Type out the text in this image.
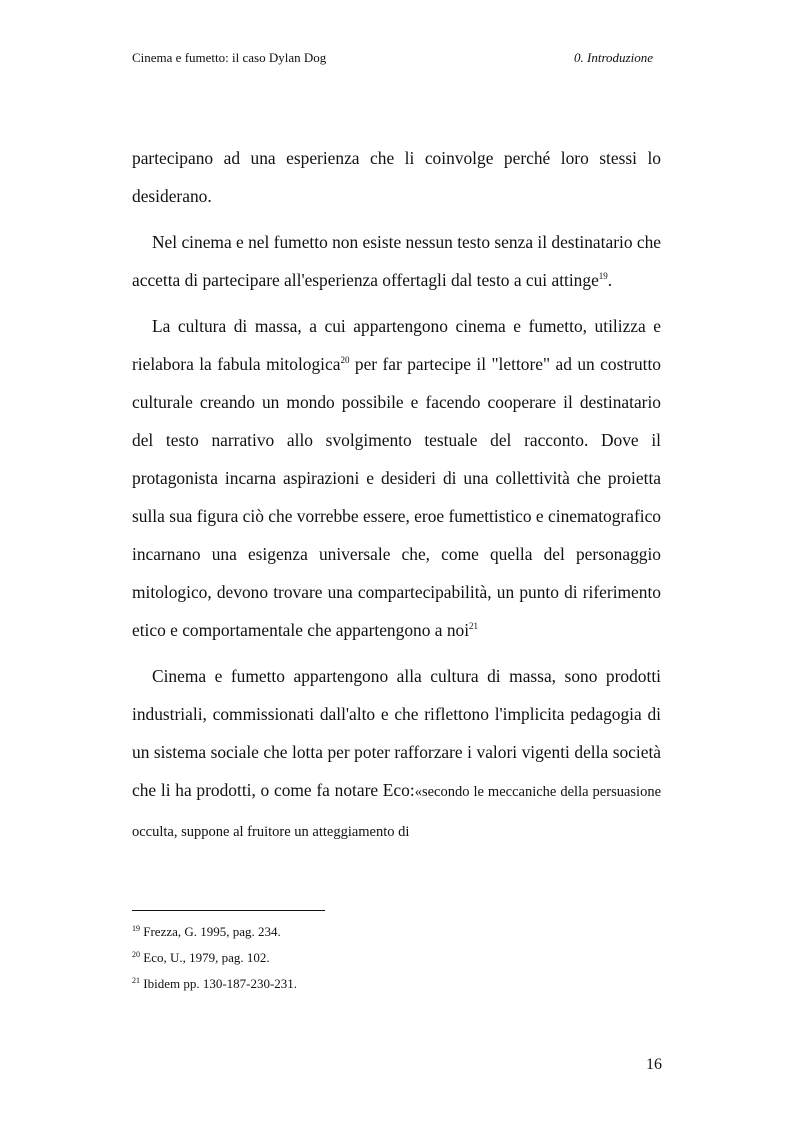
Cinema e fumetto: il caso Dylan Dog	0. Introduzione

partecipano ad una esperienza che li coinvolge perché loro stessi lo desiderano.

Nel cinema e nel fumetto non esiste nessun testo senza il destinatario che accetta di partecipare all'esperienza offertagli dal testo a cui attinge$^{19}$.

La cultura di massa, a cui appartengono cinema e fumetto, utilizza e rielabora la fabula mitologica$^{20}$ per far partecipe il "lettore" ad un costrutto culturale creando un mondo possibile e facendo cooperare il destinatario del testo narrativo allo svolgimento testuale del racconto. Dove il protagonista incarna aspirazioni e desideri di una collettività che proietta sulla sua figura ciò che vorrebbe essere, eroe fumettistico e cinematografico incarnano una esigenza universale che, come quella del personaggio mitologico, devono trovare una compartecipabilità, un punto di riferimento etico e comportamentale che appartengono a noi$^{21}$

Cinema e fumetto appartengono alla cultura di massa, sono prodotti industriali, commissionati dall'alto e che riflettono l'implicita pedagogia di un sistema sociale che lotta per poter rafforzare i valori vigenti della società che li ha prodotti, o come fa notare Eco:«secondo le meccaniche della persuasione occulta, suppone al fruitore un atteggiamento di

$^{19}$ Frezza, G. 1995, pag. 234.
$^{20}$ Eco, U., 1979, pag. 102.
$^{21}$ Ibidem pp. 130-187-230-231.
16
